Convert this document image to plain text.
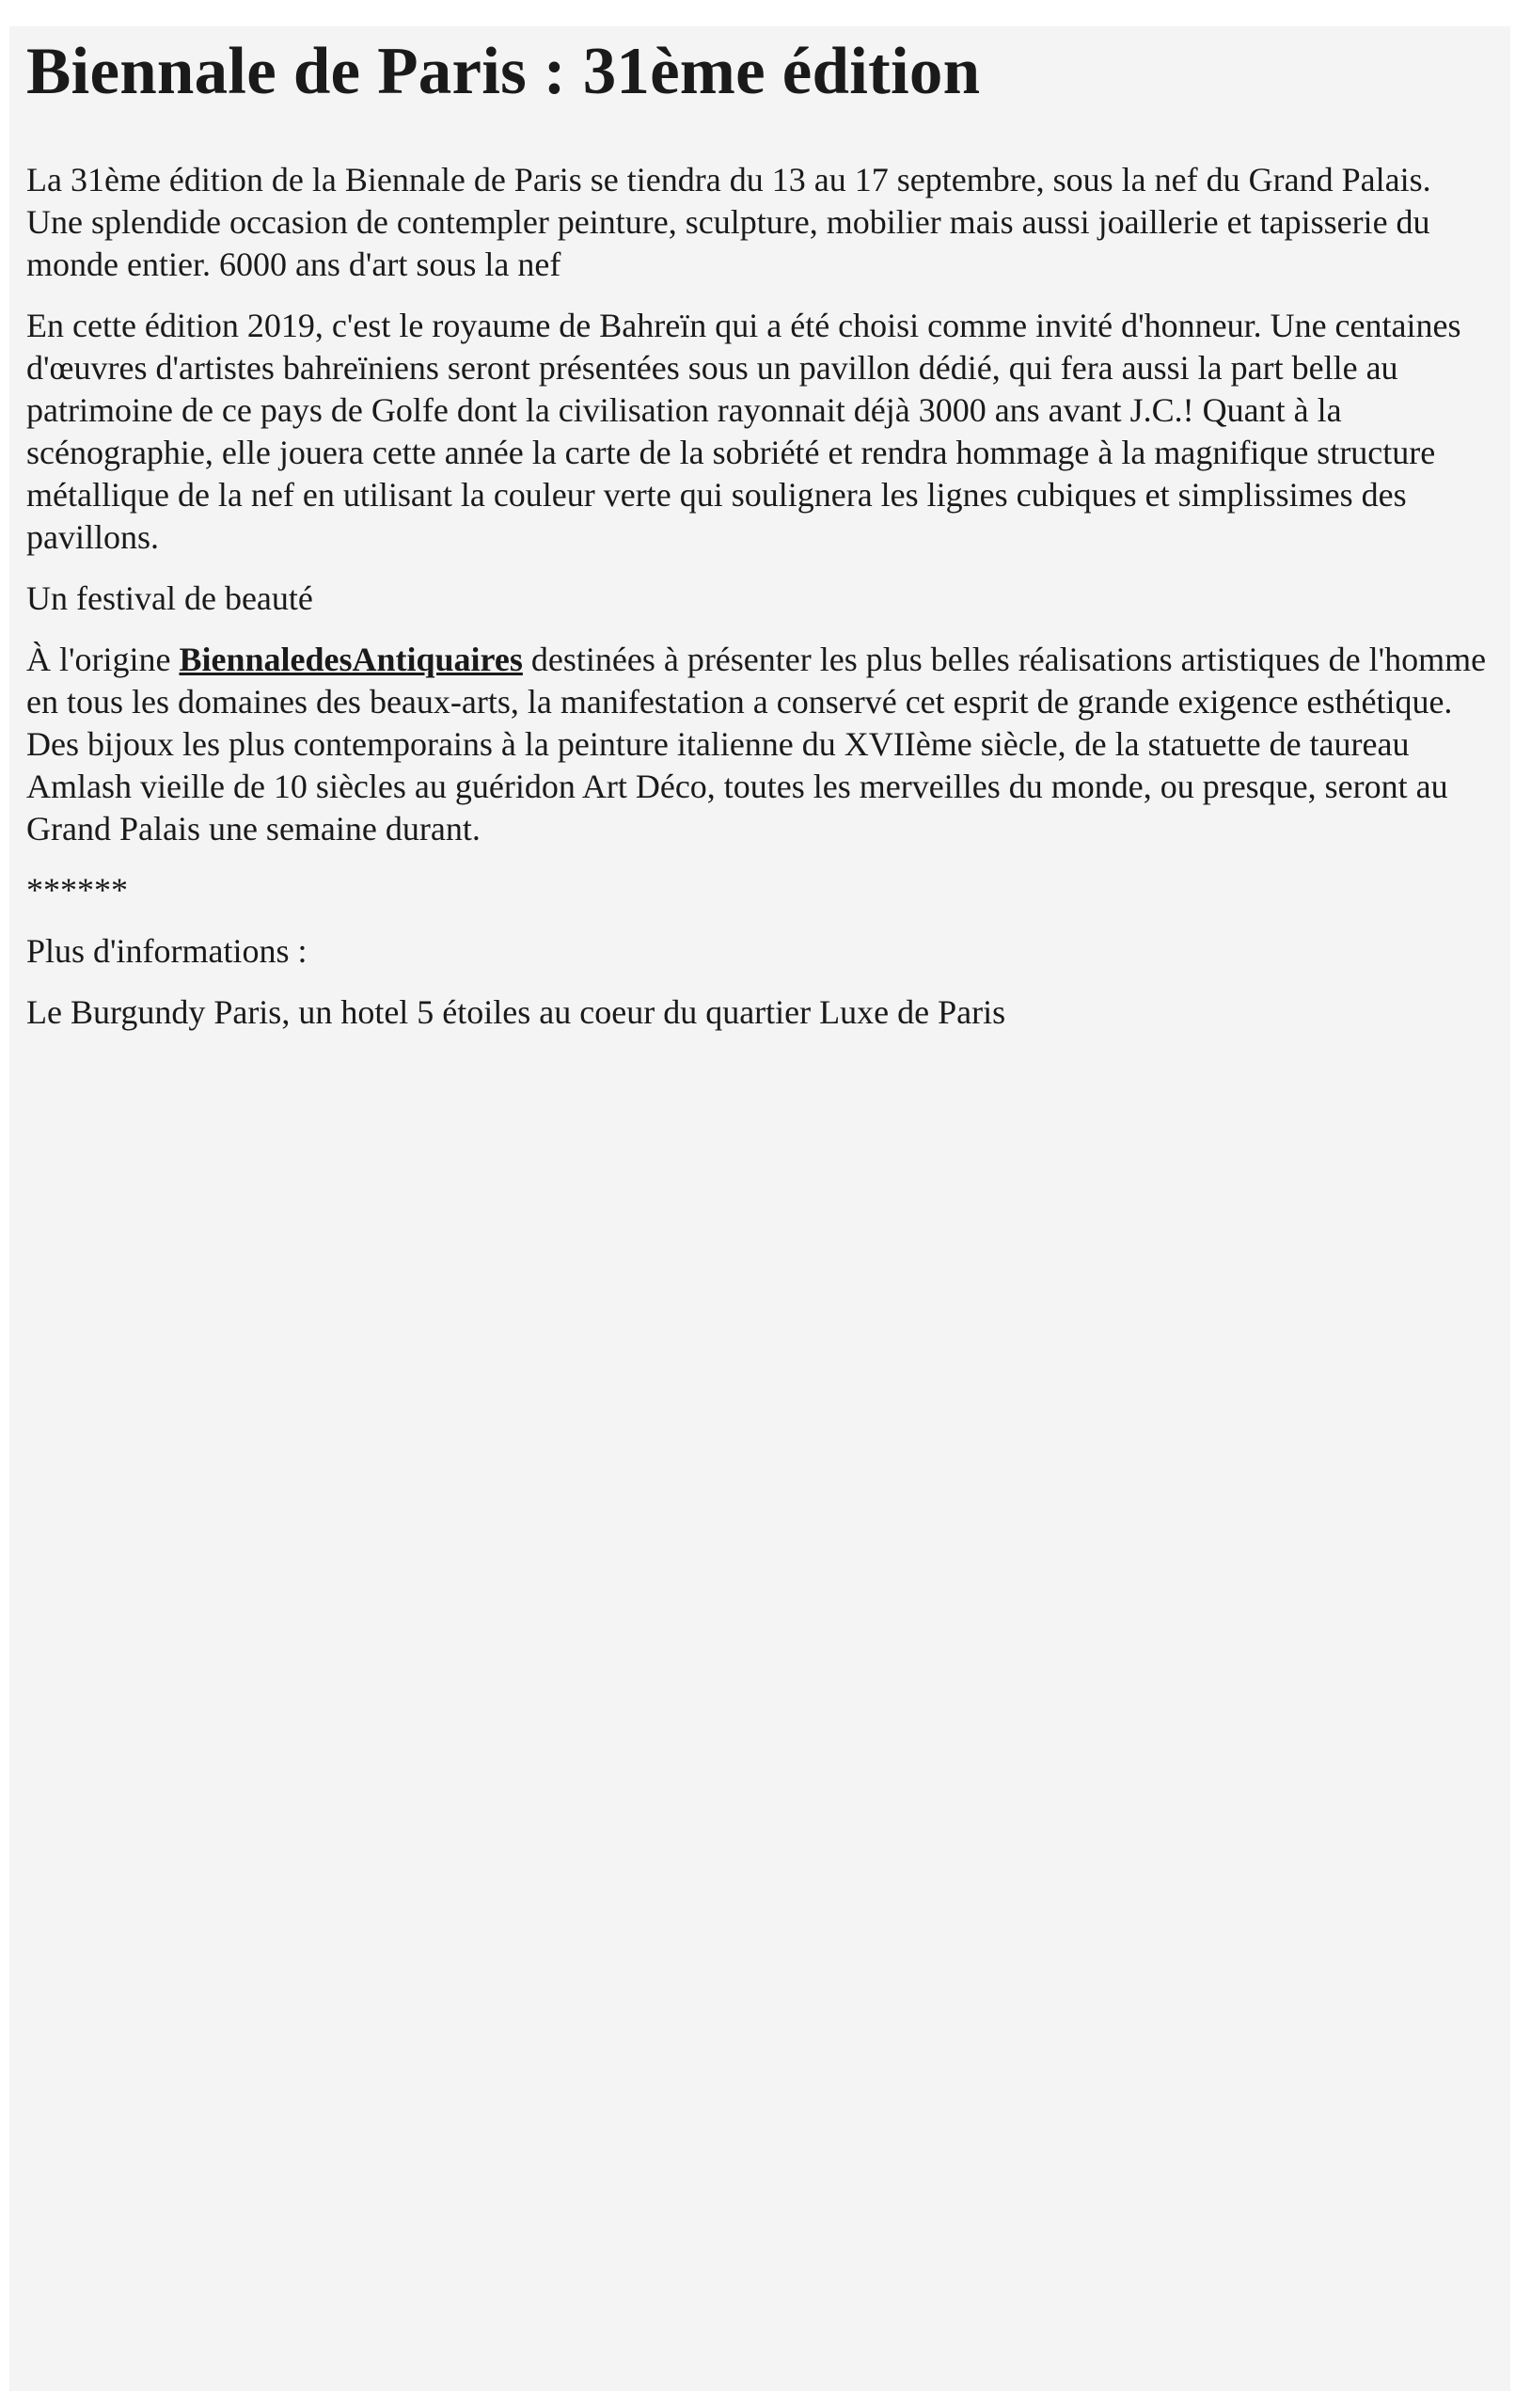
Biennale de Paris : 31ème édition

La 31ème édition de la Biennale de Paris se tiendra du 13 au 17 septembre, sous la nef du Grand Palais. Une splendide occasion de contempler peinture, sculpture, mobilier mais aussi joaillerie et tapisserie du monde entier. 6000 ans d'art sous la nef

En cette édition 2019, c'est le royaume de Bahreïn qui a été choisi comme invité d'honneur. Une centaines d'œuvres d'artistes bahreïniens seront présentées sous un pavillon dédié, qui fera aussi la part belle au patrimoine de ce pays de Golfe dont la civilisation rayonnait déjà 3000 ans avant J.C.! Quant à la scénographie, elle jouera cette année la carte de la sobriété et rendra hommage à la magnifique structure métallique de la nef en utilisant la couleur verte qui soulignera les lignes cubiques et simplissimes des pavillons.

Un festival de beauté

À l'origine BiennaledesAntiquaires destinées à présenter les plus belles réalisations artistiques de l'homme en tous les domaines des beaux-arts, la manifestation a conservé cet esprit de grande exigence esthétique. Des bijoux les plus contemporains à la peinture italienne du XVIIème siècle, de la statuette de taureau Amlash vieille de 10 siècles au guéridon Art Déco, toutes les merveilles du monde, ou presque, seront au Grand Palais une semaine durant.

******

Plus d'informations :

Le Burgundy Paris, un hotel 5 étoiles au coeur du quartier Luxe de Paris
